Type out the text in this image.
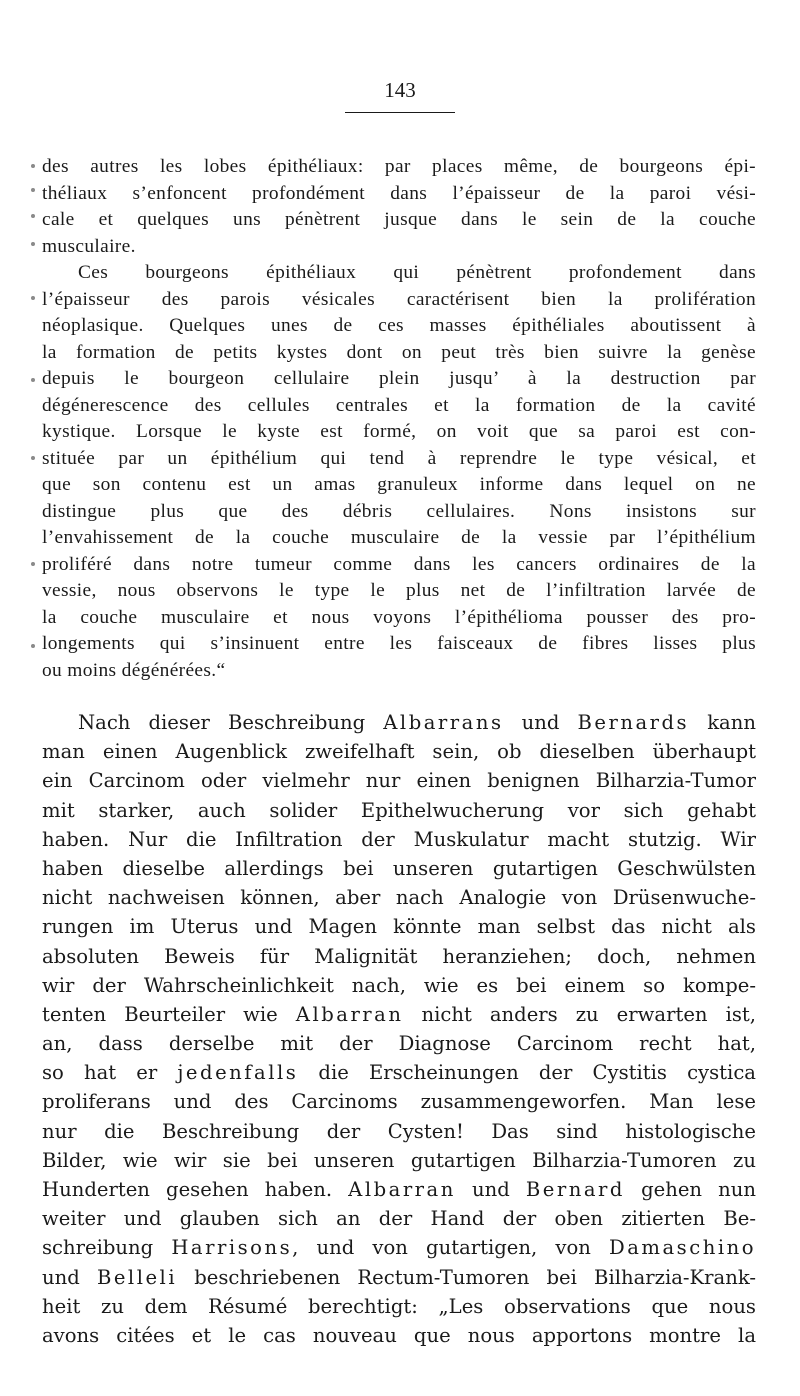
143
des autres les lobes épithéliaux: par places même, de bourgeons épi-
théliaux s’enfoncent profondément dans l’épaisseur de la paroi vési-
cale et quelques uns pénètrent jusque dans le sein de la couche
musculaire.
Ces bourgeons épithéliaux qui pénètrent profondement dans
l’épaisseur des parois vésicales caractérisent bien la prolifération
néoplasique. Quelques unes de ces masses épithéliales aboutissent à
la formation de petits kystes dont on peut très bien suivre la genèse
depuis le bourgeon cellulaire plein jusqu’ à la destruction par
dégénerescence des cellules centrales et la formation de la cavité
kystique. Lorsque le kyste est formé, on voit que sa paroi est con-
stituée par un épithélium qui tend à reprendre le type vésical, et
que son contenu est un amas granuleux informe dans lequel on ne
distingue plus que des débris cellulaires. Nons insistons sur
l’envahissement de la couche musculaire de la vessie par l’épithélium
proliféré dans notre tumeur comme dans les cancers ordinaires de la
vessie, nous observons le type le plus net de l’infiltration larvée de
la couche musculaire et nous voyons l’épithélioma pousser des pro-
longements qui s’insinuent entre les faisceaux de fibres lisses plus
ou moins dégénérées.“
Nach dieser Beschreibung Albarrans und Bernards kann
man einen Augenblick zweifelhaft sein, ob dieselben überhaupt
ein Carcinom oder vielmehr nur einen benignen Bilharzia-Tumor
mit starker, auch solider Epithelwucherung vor sich gehabt
haben. Nur die Infiltration der Muskulatur macht stutzig. Wir
haben dieselbe allerdings bei unseren gutartigen Geschwülsten
nicht nachweisen können, aber nach Analogie von Drüsenwuche-
rungen im Uterus und Magen könnte man selbst das nicht als
absoluten Beweis für Malignität heranziehen; doch, nehmen
wir der Wahrscheinlichkeit nach, wie es bei einem so kompe-
tenten Beurteiler wie Albarran nicht anders zu erwarten ist,
an, dass derselbe mit der Diagnose Carcinom recht hat,
so hat er jedenfalls die Erscheinungen der Cystitis cystica
proliferans und des Carcinoms zusammengeworfen. Man lese
nur die Beschreibung der Cysten! Das sind histologische
Bilder, wie wir sie bei unseren gutartigen Bilharzia-Tumoren zu
Hunderten gesehen haben. Albarran und Bernard gehen nun
weiter und glauben sich an der Hand der oben zitierten Be-
schreibung Harrisons, und von gutartigen, von Damaschino
und Belleli beschriebenen Rectum-Tumoren bei Bilharzia-Krank-
heit zu dem Résumé berechtigt: „Les observations que nous
avons citées et le cas nouveau que nous apportons montre la
